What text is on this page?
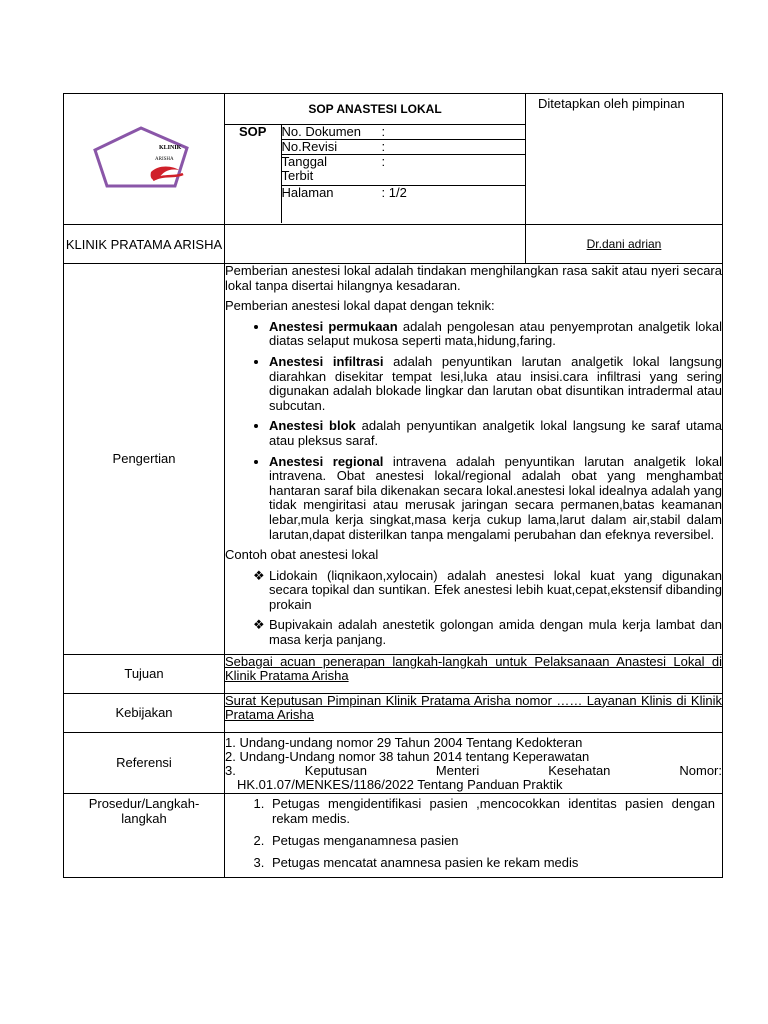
KLINIK
ARISHA

SOP ANASTESI LOKAL
SOP	No. Dokumen	:

No.Revisi	:

Tanggal Terbit
:

Halaman	: 1/2
	Ditetapkan oleh pimpinan
KLINIK PRATAMA ARISHA		Dr.dani adrian
Pengertian	

Pemberian anestesi lokal adalah tindakan menghilangkan rasa sakit atau nyeri secara lokal tanpa disertai hilangnya kesadaran.

Pemberian anestesi lokal dapat dengan teknik:

• Anestesi permukaan adalah pengolesan atau penyemprotan analgetik lokal diatas selaput mukosa seperti mata,hidung,faring.
• Anestesi infiltrasi adalah penyuntikan larutan analgetik lokal langsung diarahkan disekitar tempat lesi,luka atau insisi.cara infiltrasi yang sering digunakan adalah blokade lingkar dan larutan obat disuntikan intradermal atau subcutan.
• Anestesi blok adalah penyuntikan analgetik lokal langsung ke saraf utama atau pleksus saraf.
• Anestesi regional intravena adalah penyuntikan larutan analgetik lokal intravena. Obat anestesi lokal/regional adalah obat yang menghambat hantaran saraf bila dikenakan secara lokal.anestesi lokal idealnya adalah yang tidak mengiritasi atau merusak jaringan secara permanen,batas keamanan lebar,mula kerja singkat,masa kerja cukup lama,larut dalam air,stabil dalam larutan,dapat disterilkan tanpa mengalami perubahan dan efeknya reversibel.

Contoh obat anestesi lokal

❖ Lidokain (liqnikaon,xylocain) adalah anestesi lokal kuat yang digunakan secara topikal dan suntikan. Efek anestesi lebih kuat,cepat,ekstensif dibanding prokain
❖ Bupivakain adalah anestetik golongan amida dengan mula kerja lambat dan masa kerja panjang.

Tujuan	
Sebagai acuan penerapan langkah-langkah untuk Pelaksanaan Anastesi Lokal di Klinik Pratama Arisha

Kebijakan	
Surat Keputusan Pimpinan Klinik Pratama Arisha nomor …… Layanan Klinis di Klinik Pratama Arisha

Referensi	
1. Undang-undang nomor 29 Tahun 2004 Tentang Kedokteran
2. Undang-Undang nomor 38 tahun 2014 tentang Keperawatan
3. Keputusan Menteri Kesehatan Nomor:
HK.01.07/MENKES/1186/2022 Tentang Panduan Praktik

Prosedur/Langkah-langkah	
1. Petugas mengidentifikasi pasien ,mencocokkan identitas pasien dengan rekam medis.
2. Petugas menganamnesa pasien
3. Petugas mencatat anamnesa pasien ke rekam medis
